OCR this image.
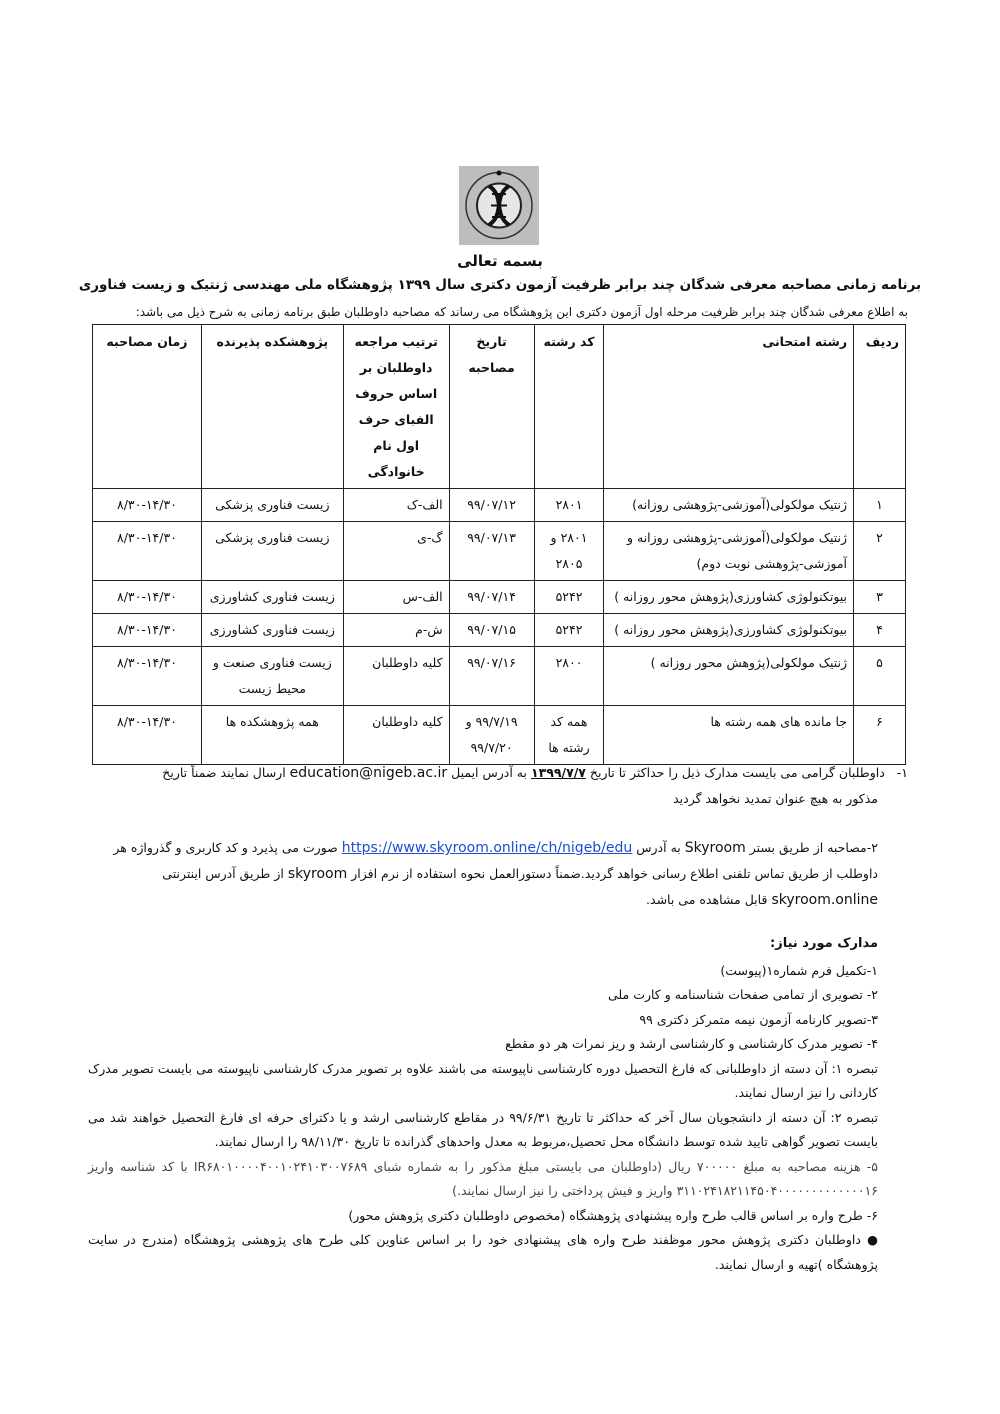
بسمه تعالی
برنامه زمانی مصاحبه معرفی شدگان چند برابر ظرفیت آزمون دکتری سال ۱۳۹۹ پژوهشگاه ملی مهندسی ژنتیک و زیست فناوری
به اطلاع معرفی شدگان چند برابر ظرفیت مرحله اول آزمون دکتری این پژوهشگاه می رساند که مصاحبه داوطلبان طبق برنامه زمانی به شرح ذیل می باشد:
ردیف	رشته امتحانی	کد رشته	تاریخ مصاحبه	ترتیب مراجعه داوطلبان بر اساس حروف الفبای حرف اول نام خانوادگی	پژوهشکده پذیرنده	زمان مصاحبه
۱	ژنتیک مولکولی(آموزشی-پژوهشی روزانه)	۲۸۰۱	۹۹/۰۷/۱۲	الف-ک	زیست فناوری پزشکی	۸/۳۰-۱۴/۳۰
۲	ژنتیک مولکولی(آموزشی-پژوهشی روزانه و آموزشی-پژوهشی نوبت دوم)	۲۸۰۱ و ۲۸۰۵	۹۹/۰۷/۱۳	گ-ی	زیست فناوری پزشکی	۸/۳۰-۱۴/۳۰
۳	بیوتکنولوژی کشاورزی(پژوهش محور روزانه )	۵۲۴۲	۹۹/۰۷/۱۴	الف-س	زیست فناوری کشاورزی	۸/۳۰-۱۴/۳۰
۴	بیوتکنولوژی کشاورزی(پژوهش محور روزانه )	۵۲۴۲	۹۹/۰۷/۱۵	ش-م	زیست فناوری کشاورزی	۸/۳۰-۱۴/۳۰
۵	ژنتیک مولکولی(پژوهش محور روزانه )	۲۸۰۰	۹۹/۰۷/۱۶	کلیه داوطلبان	زیست فناوری صنعت و محیط زیست	۸/۳۰-۱۴/۳۰
۶	جا مانده های همه رشته ها	همه کد رشته ها	۹۹/۷/۱۹ و ۹۹/۷/۲۰	کلیه داوطلبان	همه پژوهشکده ها	۸/۳۰-۱۴/۳۰
۱-   داوطلبان گرامی می بایست مدارک ذیل را حداکثر تا تاریخ ۱۳۹۹/۷/۷ به آدرس ایمیل education@nigeb.ac.ir ارسال نمایند ضمناً تاریخ
مذکور به هیچ عنوان تمدید نخواهد گردید
۲-مصاحبه از طریق بستر Skyroom به آدرس https://www.skyroom.online/ch/nigeb/edu صورت می پذیرد و کد کاربری و گذرواژه هر
داوطلب از طریق تماس تلفنی اطلاع رسانی خواهد گردید.ضمناً دستورالعمل نحوه استفاده از نرم افزار skyroom از طریق آدرس اینترنتی
skyroom.online قابل مشاهده می باشد.
مدارک مورد نیاز:

۱-تکمیل فرم شماره۱(پیوست)

۲- تصویری از تمامی صفحات شناسنامه و کارت ملی

۳-تصویر کارنامه آزمون نیمه متمرکز دکتری ۹۹

۴- تصویر مدرک کارشناسی و کارشناسی ارشد و ریز نمرات هر دو مقطع

تبصره ۱: آن دسته از داوطلبانی که فارغ التحصیل دوره کارشناسی ناپیوسته می باشند علاوه بر تصویر مدرک کارشناسی ناپیوسته می بایست تصویر مدرک کاردانی را نیز ارسال نمایند.

تبصره ۲: آن دسته از دانشجویان سال آخر که حداکثر تا تاریخ ۹۹/۶/۳۱ در مقاطع کارشناسی ارشد و یا دکترای حرفه ای فارغ التحصیل خواهند شد می بایست تصویر گواهی تایید شده توسط دانشگاه محل تحصیل،مربوط به معدل واحدهای گذرانده تا تاریخ ۹۸/۱۱/۳۰ را ارسال نمایند.

۵- هزینه مصاحبه به مبلغ ۷۰۰۰۰۰ ریال (داوطلبان می بایستی مبلغ مذکور را به شماره شبای IR۶۸۰۱۰۰۰۰۴۰۰۱۰۲۴۱۰۳۰۰۷۶۸۹ با کد شناسه واریز ۳۱۱۰۲۴۱۸۲۱۱۴۵۰۴۰۰۰۰۰۰۰۰۰۰۰۰۰۱۶ واریز و فیش پرداختی را نیز ارسال نمایند.)

۶- طرح واره بر اساس قالب طرح واره پیشنهادی پژوهشگاه (مخصوص داوطلبان دکتری پژوهش محور)

● داوطلبان دکتری پژوهش محور موظفند طرح واره های پیشنهادی خود را بر اساس عناوین کلی طرح های پژوهشی پژوهشگاه (مندرج در سایت پژوهشگاه )تهیه و ارسال نمایند.
